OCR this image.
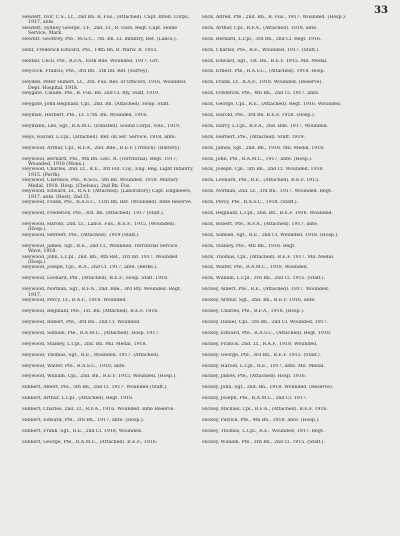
33
Hewlett, Ivor, C.S., Lt., 2nd Bn. R. Fus., (Attached). Capt. Intell. Corps, 1917, ante.
Hewlett, Sydney George, T.F., 2nd. Lt., R. Suss. Regt. Capt. Home Service, Mark.
Hewlitt, Geoffrey, Pte., M.G.C., 7th. Bn. Lt. Infantry, Ret. (Lancs.).
Hext, Frederick Edward, Pte., 14th Bn. R. Warw. R. 1915.
Hextall, Cecil, Pte., R.F.A., 65th Bde. Wounded, 1917, Grt.
Heycock, Francis, Pte., 3rd Bn., 5th Inf. Ref. (Surrey).
Heyden, Peter Hubert, Lt., 3rd. Fus. Res. of Officers, 1916. Wounded. Dept. Hospital, 1918.
Heygate, Claude, Pte., R. Fus. Bn. 2nd Cl. Rly. Staff, 1919.
Heygate, John Reginald, Cpl., 2nd. Bn. (Attached). Hosp. Staff.
Heyman, Herbert, Pte., Lt. 17th. Bn. Wounded, 1916.
Heymann, Leo, Sgt., R.A.M.C. (Enlisted). Sound Corps, Vols., 1919.
Heys, Harold, L.Cpl., (attached). Ref. on Ser. Service, 1918, ante.
Heywood, Arthur, Cpl., R.F.A., 2nd. Bde., B.E.F. (Trench). (Battery).
Heywood, Bernard, Pte., 9th Bn. Leic. R. (Territorial). Regt. 1917, Wounded, 1918 (Mons.).
Heywood, Charles, 2nd. Lt., R.E., 3rd Fld. Coy., Eng. Reg. Light Infantry, 1915. (Perth).
Heywood, Clarence, Pte., R.Sco., 5th Bn. Wounded, 1918. Military Medal, 1918. Hosp. (Chelsea), 2nd Bn. Fus.
Heywood, Edward, Lt., R.A.F. (Attached). (Laboratory) Capt. Engineers, 1917, ante. (Rest), 2nd Cl.
Heywood, Frank, Pte., R.A.S.C., 11th Bn. Ref. (Wounded). Rifle Reserve.
Heywood, Frederick, Pte., 3rd. Bn. (Attached). 1917 (Staff.).
Heywood, Harold, 2nd. Lt., Lancs. Fus., B.E.F., 1915, (Wounded). (Hosp.).
Heywood, Herbert, Pte., (Attached). 1919 (Staff.).
Heywood, James, Sgt., R.E., 2nd Cl., Wounded. Territorial Service. Wave, 1918.
Heywood, John, L.Cpl., 2nd. Bn., 4th Ref., 3rd Inf. 1917. Wounded (Hosp.).
Heywood, Joseph, Cpl., R.A., 2nd Cl. 1917, ante. (Berks.).
Heywood, Leonard, Pte., (Attached). B.E.F., Hosp. Staff. 1918.
Heywood, Norman, Sgt., R.F.A., 2nd. Bde., 3rd Bty. Wounded. Regt. 1917.
Heywood, Percy, Lt., R.A.F., 1918. Wounded.
Heywood, Reginald, Pte., 1st. Bn. (Attached). B.E.F. 1916.
Heywood, Robert, Pte., 3rd Bn., 2nd Cl. Wounded.
Heywood, Samuel, Pte., R.A.M.C., (Attached). Hosp. 1917.
Heywood, Stanley, L.Cpl., 2nd. Bn. Mil. Medal, 1918.
Heywood, Thomas, Sgt., R.E., Wounded, 1917. (Attached).
Heywood, Walter, Pte., R.A.S.C., 1918, ante.
Heywood, William, Cpl., 2nd. Bn., B.E.F. 1915. Wounded. (Hosp.).
Hibbert, Albert, Pte., 5th Bn., 2nd Cl. 1917. Wounded (Staff.).
Hibbert, Arthur, L.Cpl., (Attached). Regt. 1918.
Hibbert, Charles, 2nd. Lt., R.F.A., 1916. Wounded. Rifle Reserve.
Hibbert, Edward, Pte., 3rd Bn., 1917, ante. (Hosp.).
Hibbert, Frank, Sgt., R.E., 2nd Cl. 1918, Wounded.
Hibbert, George, Pte., R.A.M.C., (Attached). B.E.F., 1916.
Hick, Alfred, Pte., 2nd. Bn., R. Fus., 1917. Wounded. (Hosp.).
Hick, Arthur, Cpl., R.F.A., (Attached). 1918, ante.
Hick, Bernard, L.Cpl., 3rd Bn., 2nd Cl. Regt. 1916.
Hick, Charles, Pte., R.E., Wounded, 1917. (Staff.).
Hick, Edward, Sgt., 1st. Bn., B.E.F. 1915. Mil. Medal.
Hick, Ernest, Pte., R.A.S.C., (Attached). 1918. Hosp.
Hick, Frank, Lt., R.A.F., 1918. Wounded. (Reserve).
Hick, Frederick, Pte., 4th Bn., 2nd Cl. 1917, ante.
Hick, George, Cpl., R.E., (Attached). Regt. 1916. Wounded.
Hick, Harold, Pte., 3rd Bn. B.E.F. 1918. (Hosp.).
Hick, Harry, L.Cpl., R.F.A., 2nd. Bde. 1917, Wounded.
Hick, Herbert, Pte., (Attached). Staff. 1919.
Hick, James, Sgt., 2nd. Bn., 1916. Mil. Medal, 1918.
Hick, John, Pte., R.A.M.C., 1917, ante. (Hosp.).
Hick, Joseph, Cpl., 5th Bn., 2nd Cl. Wounded, 1918.
Hick, Leonard, Pte., R.E., (Attached). B.E.F. 1915.
Hick, Norman, 2nd. Lt., 3rd Bn., 1917. Wounded. Regt.
Hick, Percy, Pte., R.A.S.C., 1918. (Staff.).
Hick, Reginald, L.Cpl., 2nd. Bn., B.E.F. 1916. Wounded.
Hick, Robert, Pte., R.F.A., (Attached). 1917, ante.
Hick, Samuel, Sgt., R.E., 2nd Cl. Wounded, 1918. (Hosp.).
Hick, Stanley, Pte., 4th Bn., 1916. Regt.
Hick, Thomas, Cpl., (Attached). B.E.F. 1917. Mil. Medal.
Hick, Walter, Pte., R.A.M.C., 1918, Wounded.
Hick, William, L.Cpl., 3rd Bn., 2nd Cl. 1915. (Staff.).
Hickey, Albert, Pte., R.E., (Attached). 1917. Wounded.
Hickey, Arthur, Sgt., 2nd. Bn., B.E.F. 1916, ante.
Hickey, Charles, Pte., R.F.A., 1918. (Hosp.).
Hickey, Daniel, Cpl., 5th Bn., 2nd Cl. Wounded, 1917.
Hickey, Edward, Pte., R.A.S.C., (Attached). Regt. 1918.
Hickey, Francis, 2nd. Lt., R.A.F., 1918. Wounded.
Hickey, George, Pte., 3rd Bn., B.E.F. 1915. (Staff.).
Hickey, Harold, L.Cpl., R.E., 1917, ante. Mil. Medal.
Hickey, James, Pte., (Attached). Hosp. 1916.
Hickey, John, Sgt., 2nd. Bn., 1918. Wounded. (Reserve).
Hickey, Joseph, Pte., R.A.M.C., 2nd Cl. 1917.
Hickey, Michael, Cpl., R.F.A., (Attached). B.E.F. 1916.
Hickey, Patrick, Pte., 4th Bn., 1918, ante. (Hosp.).
Hickey, Thomas, L.Cpl., R.E., Wounded, 1917. Regt.
Hickey, William, Pte., 3rd Bn., 2nd Cl. 1915. (Staff.).
